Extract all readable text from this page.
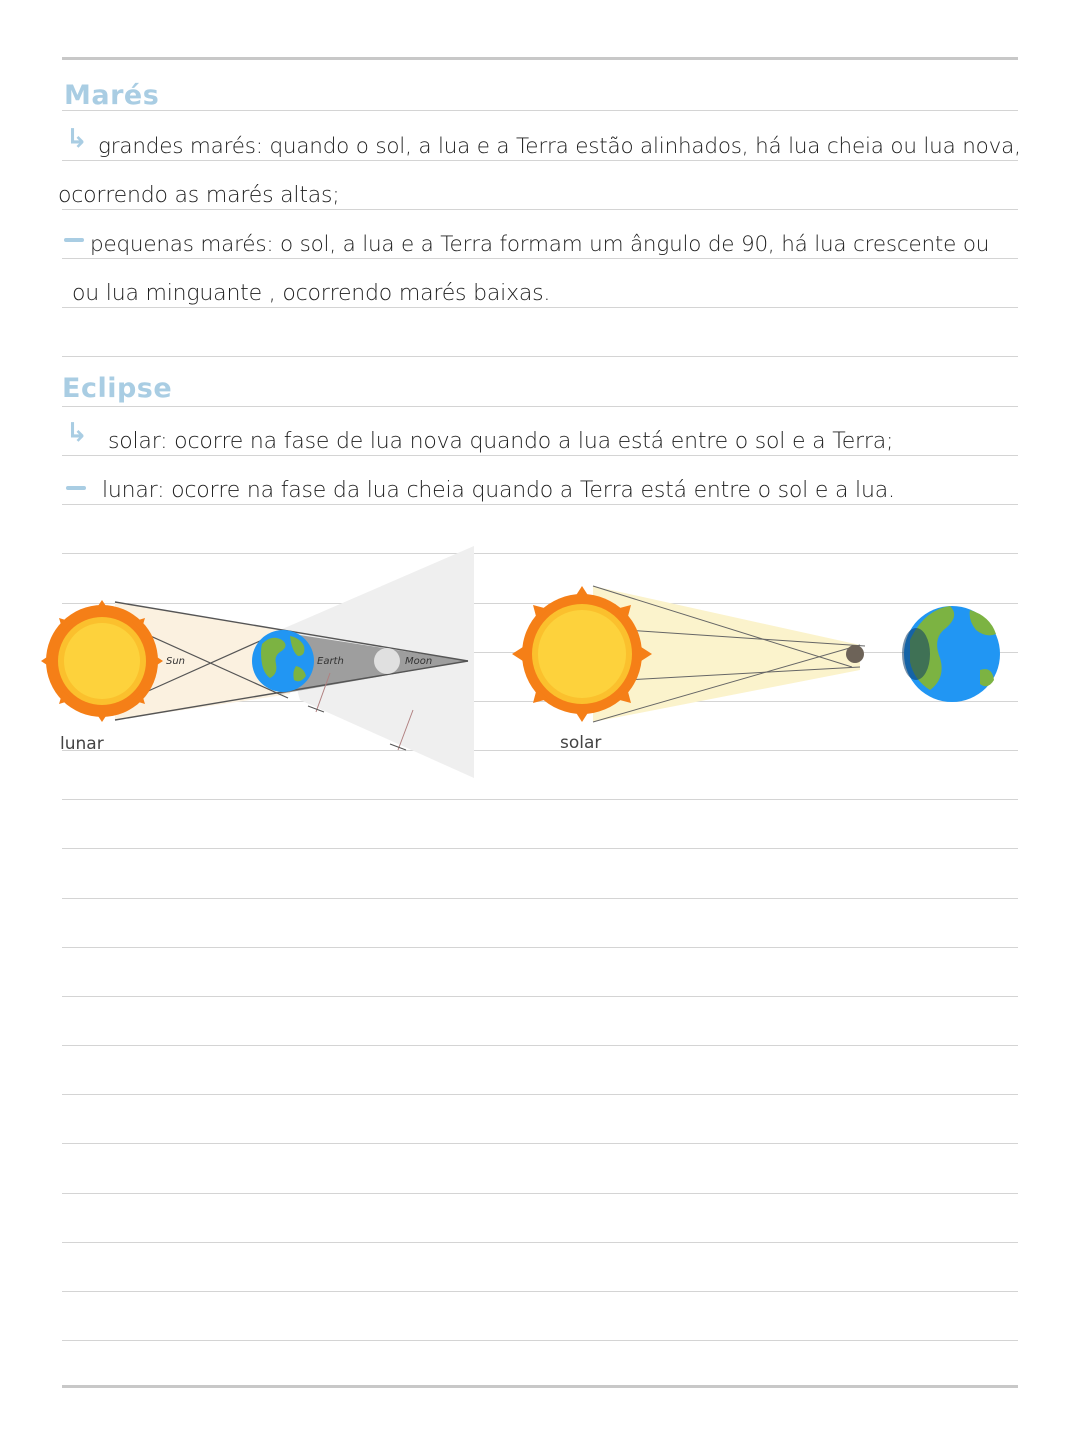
Marés
↳ grandes marés: quando o sol, a lua e a Terra estão alinhados, há lua cheia ou lua nova,
ocorrendo as marés altas;
pequenas marés: o sol, a lua e a Terra formam um ângulo de 90, há lua crescente ou
ou lua minguante , ocorrendo marés baixas.
Eclipse
↳ solar: ocorre na fase de lua nova quando a lua está entre o sol e a Terra;
lunar: ocorre na fase da lua cheia quando a Terra está entre o sol e a lua.
Sun	Earth	Moon
lunar	solar
